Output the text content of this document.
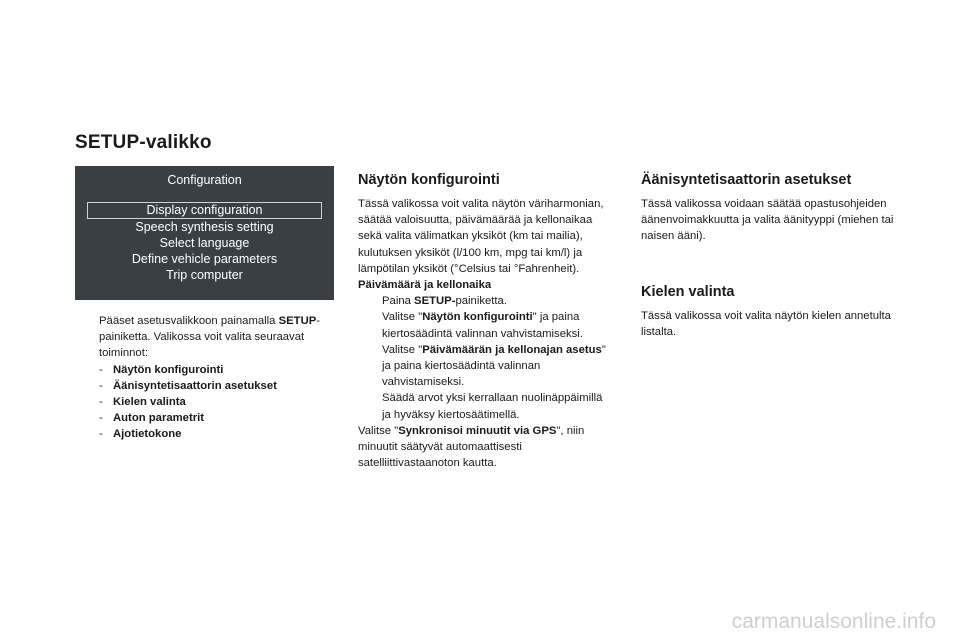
SETUP-valikko
Configuration
Display configuration
Speech synthesis setting
Select language
Define vehicle parameters
Trip computer
Pääset asetusvalikkoon painamalla SETUP-painiketta. Valikossa voit valita seuraavat toiminnot:
- Näytön konfigurointi
- Äänisyntetisaattorin asetukset
- Kielen valinta
- Auton parametrit
- Ajotietokone
Näytön konfigurointi

Tässä valikossa voit valita näytön väriharmonian, säätää valoisuutta, päivämäärää ja kellonaikaa sekä valita välimatkan yksiköt (km tai mailia), kulutuksen yksiköt (l/100 km, mpg tai km/l) ja lämpötilan yksiköt (°Celsius tai °Fahrenheit).

Päivämäärä ja kellonaika

Paina SETUP-painiketta.
Valitse "Näytön konfigurointi" ja paina kiertosäädintä valinnan vahvistamiseksi.
Valitse "Päivämäärän ja kellonajan asetus" ja paina kiertosäädintä valinnan vahvistamiseksi.
Säädä arvot yksi kerrallaan nuolinäppäimillä ja hyväksy kiertosäätimellä.

Valitse "Synkronisoi minuutit via GPS", niin minuutit säätyvät automaattisesti satelliittivastaanoton kautta.

Äänisyntetisaattorin asetukset

Tässä valikossa voidaan säätää opastusohjeiden äänenvoimakkuutta ja valita äänityyppi (miehen tai naisen ääni).

Kielen valinta

Tässä valikossa voit valita näytön kielen annetulta listalta.

carmanualsonline.info
